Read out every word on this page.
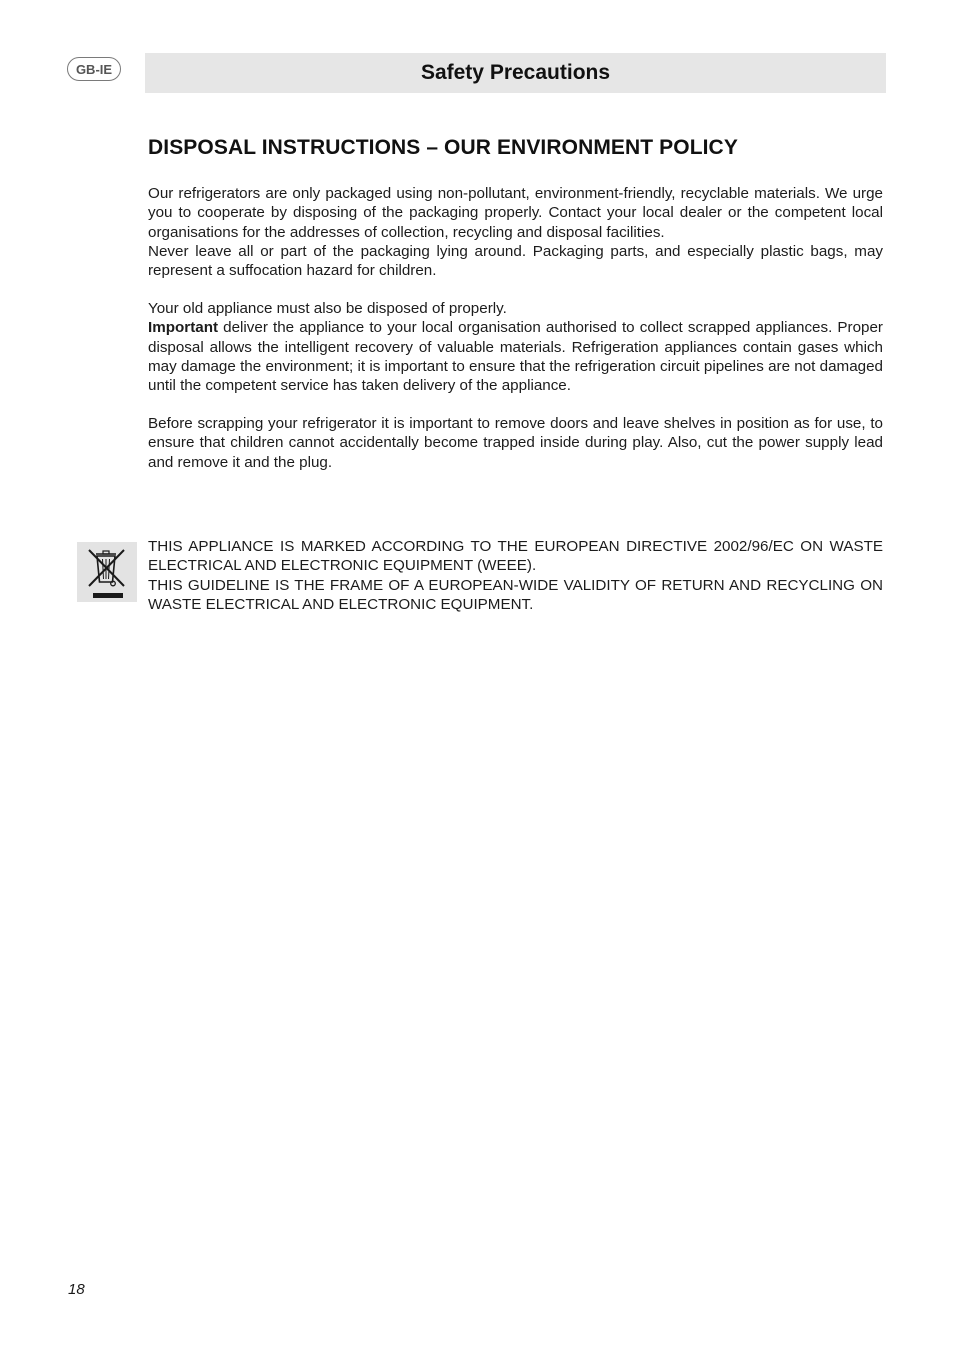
GB-IE	Safety Precautions
DISPOSAL INSTRUCTIONS – OUR ENVIRONMENT POLICY
Our refrigerators are only packaged using non-pollutant, environment-friendly, recyclable materials. We urge you to cooperate by disposing of the packaging properly. Contact your local dealer or the competent local organisations for the addresses of collection, recycling and disposal facilities.
Never leave all or part of the packaging lying around. Packaging parts, and especially plastic bags, may represent a suffocation hazard for children.
Your old appliance must also be disposed of properly.
Important deliver the appliance to your local organisation authorised to collect scrapped appliances. Proper disposal allows the intelligent recovery of valuable materials. Refrigeration appliances contain gases which may damage the environment; it is important to ensure that the refrigeration circuit pipelines are not damaged until the competent service has taken delivery of the appliance.
Before scrapping your refrigerator it is important to remove doors and leave shelves in position as for use, to ensure that children cannot accidentally become trapped inside during play. Also, cut the power supply lead and remove it and the plug.
THIS APPLIANCE IS MARKED ACCORDING TO THE EUROPEAN DIRECTIVE 2002/96/EC ON WASTE ELECTRICAL AND ELECTRONIC EQUIPMENT (WEEE).
THIS GUIDELINE IS THE FRAME OF A EUROPEAN-WIDE VALIDITY OF RETURN AND RECYCLING ON WASTE ELECTRICAL AND ELECTRONIC EQUIPMENT.
18
